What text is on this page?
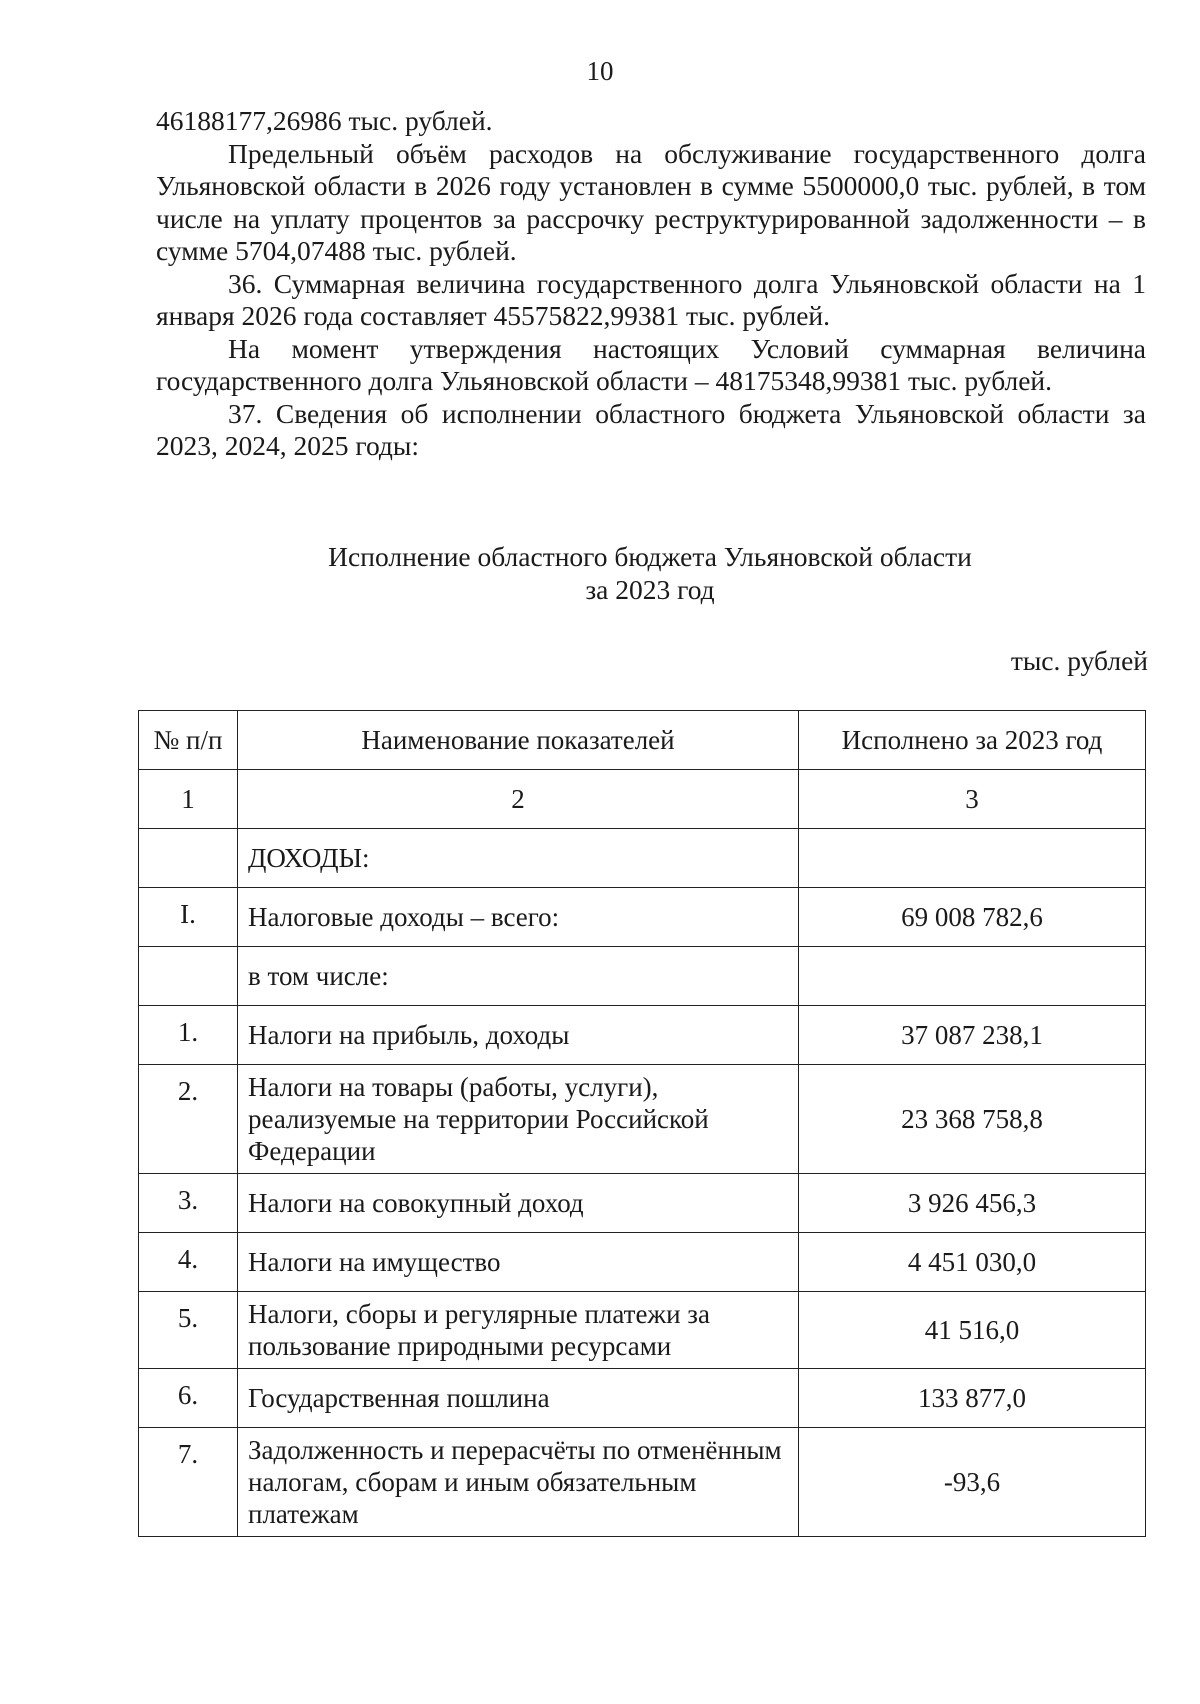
10

46188177,26986 тыс. рублей.

Предельный объём расходов на обслуживание государственного долга Ульяновской области в 2026 году установлен в сумме 5500000,0 тыс. рублей, в том числе на уплату процентов за рассрочку реструктурированной задолженности – в сумме 5704,07488 тыс. рублей.

36. Суммарная величина государственного долга Ульяновской области на 1 января 2026 года составляет 45575822,99381 тыс. рублей.

На момент утверждения настоящих Условий суммарная величина государственного долга Ульяновской области – 48175348,99381 тыс. рублей.

37. Сведения об исполнении областного бюджета Ульяновской области за 2023, 2024, 2025 годы:

Исполнение областного бюджета Ульяновской области
за 2023 год
тыс. рублей
№ п/п	Наименование показателей	Исполнено за 2023 год
1	2	3
	ДОХОДЫ:	
I.	Налоговые доходы – всего:	69 008 782,6
	в том числе:	
1.	Налоги на прибыль, доходы	37 087 238,1
2.	Налоги на товары (работы, услуги), реализуемые на территории Российской Федерации	23 368 758,8
3.	Налоги на совокупный доход	3 926 456,3
4.	Налоги на имущество	4 451 030,0
5.	Налоги, сборы и регулярные платежи за пользование природными ресурсами	41 516,0
6.	Государственная пошлина	133 877,0
7.	Задолженность и перерасчёты по отменённым налогам, сборам и иным обязательным платежам	-93,6
